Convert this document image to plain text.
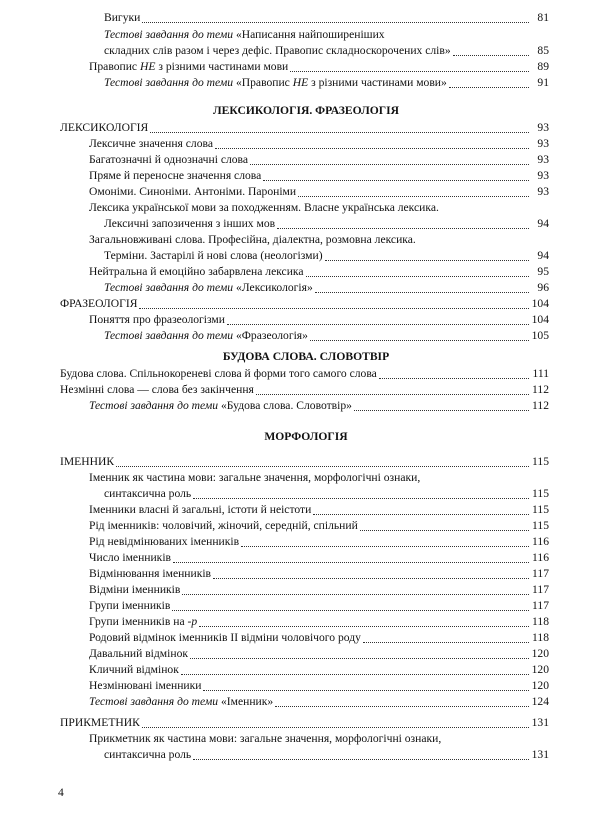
Вигуки	81
Тестові завдання до теми «Написання найпоширеніших
складних слів разом і через дефіс. Правопис складноскорочених слів»	85
Правопис НЕ з різними частинами мови	89
Тестові завдання до теми «Правопис НЕ з різними частинами мови»	91
ЛЕКСИКОЛОГІЯ. ФРАЗЕОЛОГІЯ
ЛЕКСИКОЛОГІЯ	93
Лексичне значення слова	93
Багатозначні й однозначні слова	93
Пряме й переносне значення слова	93
Омоніми. Синоніми. Антоніми. Пароніми	93
Лексика української мови за походженням. Власне українська лексика.
Лексичні запозичення з інших мов	94
Загальновживані слова. Професійна, діалектна, розмовна лексика.
Терміни. Застарілі й нові слова (неологізми)	94
Нейтральна й емоційно забарвлена лексика	95
Тестові завдання до теми «Лексикологія»	96
ФРАЗЕОЛОГІЯ	104
Поняття про фразеологізми	104
Тестові завдання до теми «Фразеологія»	105
БУДОВА СЛОВА. СЛОВОТВІР
Будова слова. Спільнокореневі слова й форми того самого слова	111
Незмінні слова — слова без закінчення	112
Тестові завдання до теми «Будова слова. Словотвір»	112
МОРФОЛОГІЯ
ІМЕННИК	115
Іменник як частина мови: загальне значення, морфологічні ознаки,
синтаксична роль	115
Іменники власні й загальні, істоти й неістоти	115
Рід іменників: чоловічий, жіночий, середній, спільний	115
Рід невідмінюваних іменників	116
Число іменників	116
Відмінювання іменників	117
Відміни іменників	117
Групи іменників	117
Групи іменників на -р	118
Родовий відмінок іменників ІІ відміни чоловічого роду	118
Давальний відмінок	120
Кличний відмінок	120
Незмінювані іменники	120
Тестові завдання до теми «Іменник»	124
ПРИКМЕТНИК	131
Прикметник як частина мови: загальне значення, морфологічні ознаки,
синтаксична роль	131
4
